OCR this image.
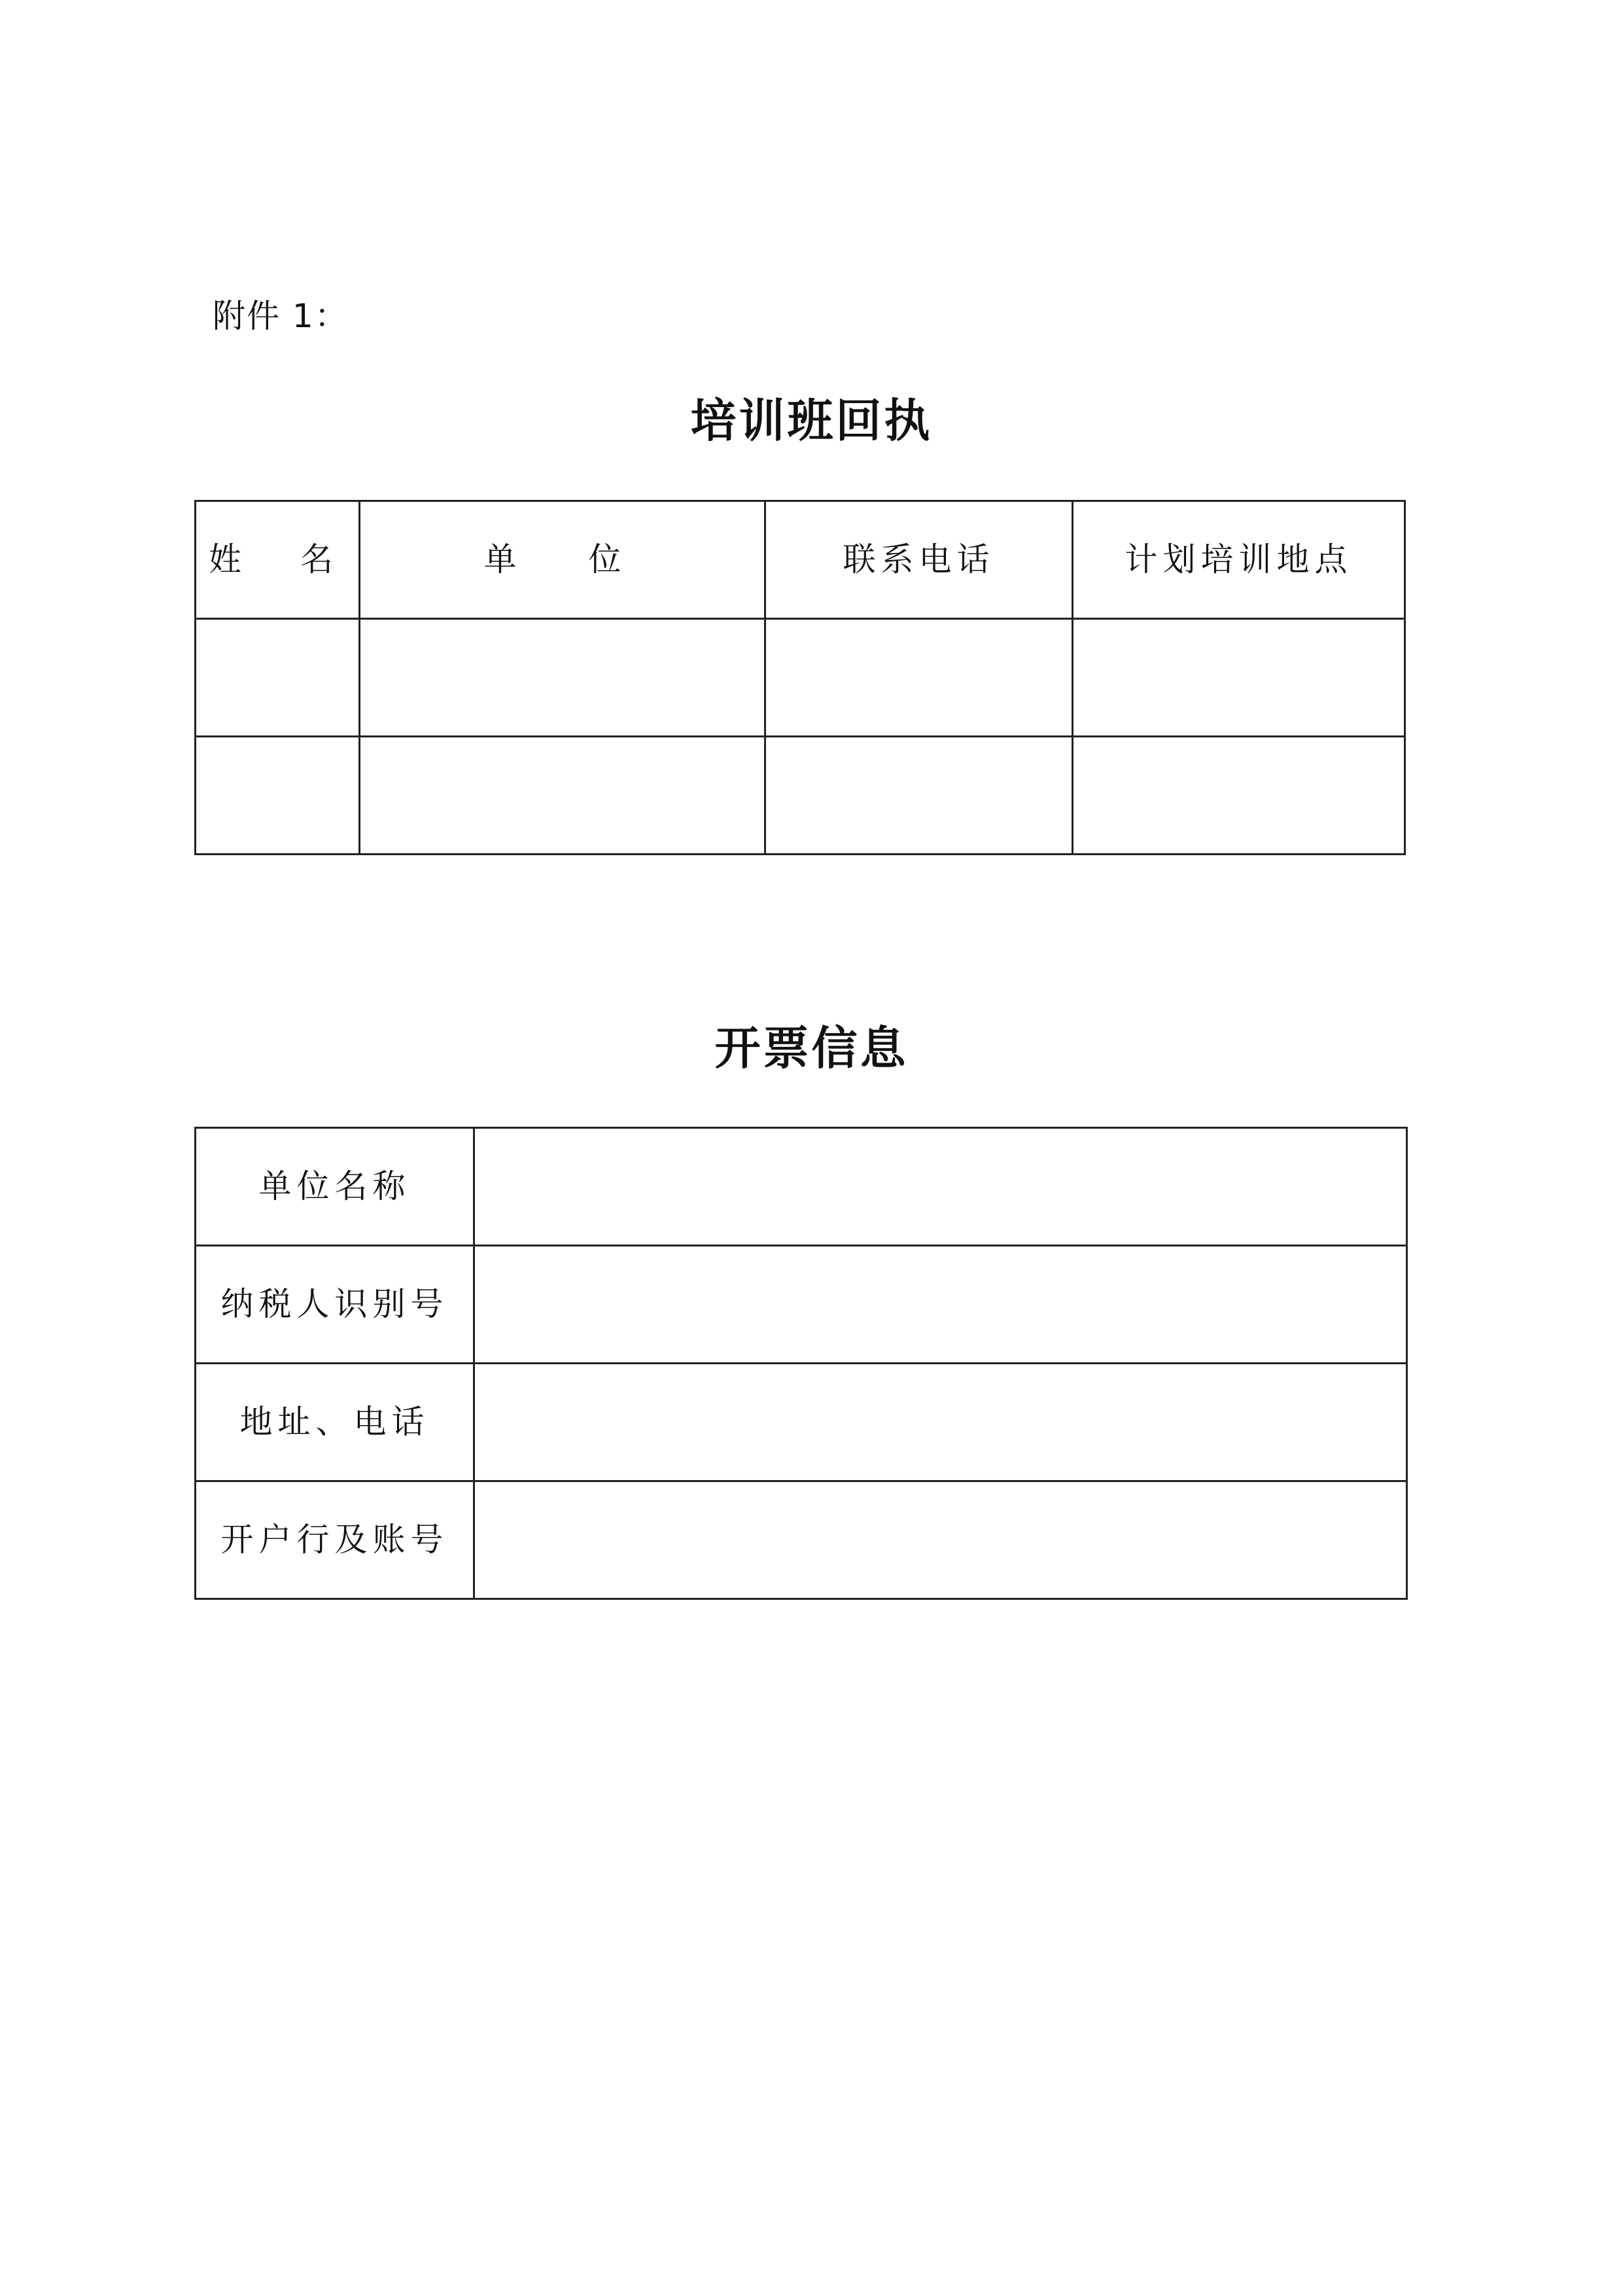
附件 1：
培训班回执
姓　名	单　位	联系电话	计划培训地点

开票信息
单位名称	
纳税人识别号	
地址、电话	
开户行及账号	
